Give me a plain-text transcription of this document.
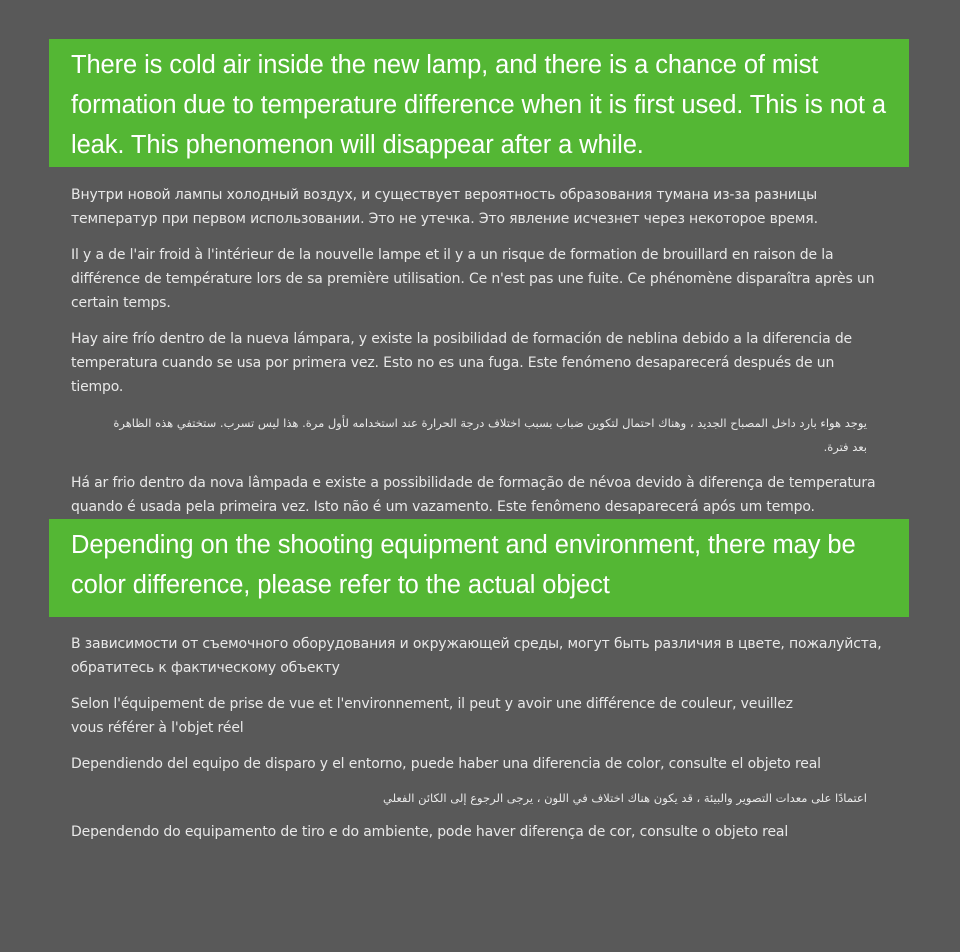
There is cold air inside the new lamp, and there is a chance of mist formation due to temperature difference when it is first used. This is not a leak. This phenomenon will disappear after a while.

Внутри новой лампы холодный воздух, и существует вероятность образования тумана из-за разницы температур при первом использовании. Это не утечка. Это явление исчезнет через некоторое время.

Il y a de l'air froid à l'intérieur de la nouvelle lampe et il y a un risque de formation de brouillard en raison de la différence de température lors de sa première utilisation. Ce n'est pas une fuite. Ce phénomène disparaîtra après un certain temps.

Hay aire frío dentro de la nueva lámpara, y existe la posibilidad de formación de neblina debido a la diferencia de temperatura cuando se usa por primera vez. Esto no es una fuga. Este fenómeno desaparecerá después de un tiempo.

يوجد هواء بارد داخل المصباح الجديد ، وهناك احتمال لتكوين ضباب بسبب اختلاف درجة الحرارة عند استخدامه لأول مرة. هذا ليس تسرب. ستختفي هذه الظاهرة بعد فترة.

Há ar frio dentro da nova lâmpada e existe a possibilidade de formação de névoa devido à diferença de temperatura quando é usada pela primeira vez. Isto não é um vazamento. Este fenômeno desaparecerá após um tempo.

Depending on the shooting equipment and environment, there may be color difference, please refer to the actual object

В зависимости от съемочного оборудования и окружающей среды, могут быть различия в цвете, пожалуйста, обратитесь к фактическому объекту

Selon l'équipement de prise de vue et l'environnement, il peut y avoir une différence de couleur, veuillez vous référer à l'objet réel

Dependiendo del equipo de disparo y el entorno, puede haber una diferencia de color, consulte el objeto real

اعتمادًا على معدات التصوير والبيئة ، قد يكون هناك اختلاف في اللون ، يرجى الرجوع إلى الكائن الفعلي

Dependendo do equipamento de tiro e do ambiente, pode haver diferença de cor, consulte o objeto real
